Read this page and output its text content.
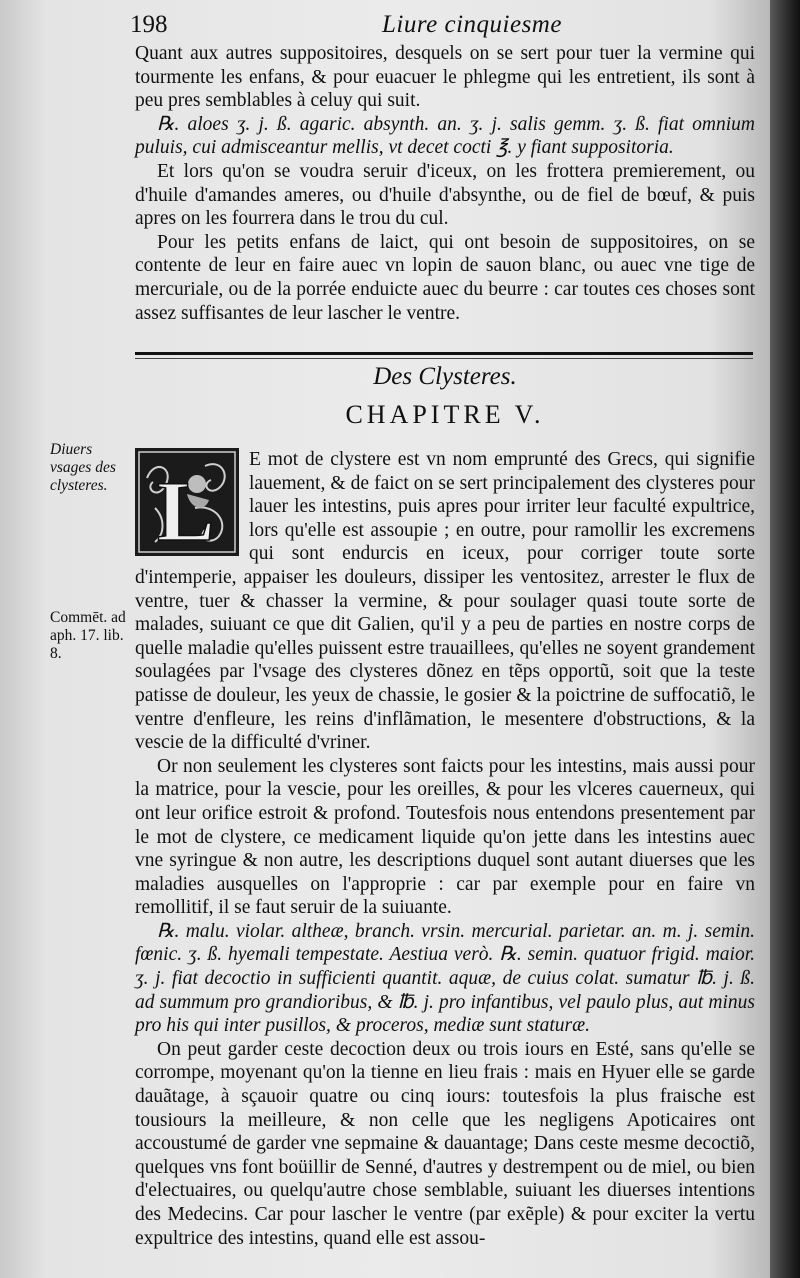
198	Liure cinquiesme

Quant aux autres suppositoires, desquels on se sert pour tuer la vermine qui tourmente les enfans, & pour euacuer le phlegme qui les entretient, ils sont à peu pres semblables à celuy qui suit.

℞. aloes ʒ. j. ß. agaric. absynth. an. ʒ. j. salis gemm. ʒ. ß. fiat omnium puluis, cui admisceantur mellis, vt decet cocti ℥. y fiant suppositoria.

Et lors qu'on se voudra seruir d'iceux, on les frottera premierement, ou d'huile d'amandes ameres, ou d'huile d'absynthe, ou de fiel de bœuf, & puis apres on les fourrera dans le trou du cul.

Pour les petits enfans de laict, qui ont besoin de suppositoires, on se contente de leur en faire auec vn lopin de sauon blanc, ou auec vne tige de mercuriale, ou de la porrée enduicte auec du beurre : car toutes ces choses sont assez suffisantes de leur lascher le ventre.

Des Clysteres.
CHAPITRE V.
Diuers vsages des clysteres.
Commēt. ad aph. 17. lib. 8.
L

E mot de clystere est vn nom emprunté des Grecs, qui signifie lauement, & de faict on se sert principalement des clysteres pour lauer les intestins, puis apres pour irriter leur faculté expultrice, lors qu'elle est assoupie ; en outre, pour ramollir les excremens qui sont endurcis en iceux, pour corriger toute sorte d'intemperie, appaiser les douleurs, dissiper les ventositez, arrester le flux de ventre, tuer & chasser la vermine, & pour soulager quasi toute sorte de malades, suiuant ce que dit Galien, qu'il y a peu de parties en nostre corps de quelle maladie qu'elles puissent estre trauaillees, qu'elles ne soyent grandement soulagées par l'vsage des clysteres dõnez en tẽps opportũ, soit que la teste patisse de douleur, les yeux de chassie, le gosier & la poictrine de suffocatiõ, le ventre d'enfleure, les reins d'inflãmation, le mesentere d'obstructions, & la vescie de la difficulté d'vriner.

Or non seulement les clysteres sont faicts pour les intestins, mais aussi pour la matrice, pour la vescie, pour les oreilles, & pour les vlceres cauerneux, qui ont leur orifice estroit & profond. Toutesfois nous entendons presentement par le mot de clystere, ce medicament liquide qu'on jette dans les intestins auec vne syringue & non autre, les descriptions duquel sont autant diuerses que les maladies ausquelles on l'approprie : car par exemple pour en faire vn remollitif, il se faut seruir de la suiuante.

℞. malu. violar. altheæ, branch. vrsin. mercurial. parietar. an. m. j. semin. fœnic. ʒ. ß. hyemali tempestate. Aestiua verò. ℞. semin. quatuor frigid. maior. ʒ. j. fiat decoctio in sufficienti quantit. aquæ, de cuius colat. sumatur ℔. j. ß. ad summum pro grandioribus, & ℔. j. pro infantibus, vel paulo plus, aut minus pro his qui inter pusillos, & proceros, mediæ sunt staturæ.

On peut garder ceste decoction deux ou trois iours en Esté, sans qu'elle se corrompe, moyenant qu'on la tienne en lieu frais : mais en Hyuer elle se garde dauãtage, à sçauoir quatre ou cinq iours: toutesfois la plus fraische est tousiours la meilleure, & non celle que les negligens Apoticaires ont accoustumé de garder vne sepmaine & dauantage; Dans ceste mesme decoctiõ, quelques vns font boüillir de Senné, d'autres y destrempent ou de miel, ou bien d'electuaires, ou quelqu'autre chose semblable, suiuant les diuerses intentions des Medecins. Car pour lascher le ventre (par exẽple) & pour exciter la vertu expultrice des intestins, quand elle est assou-
